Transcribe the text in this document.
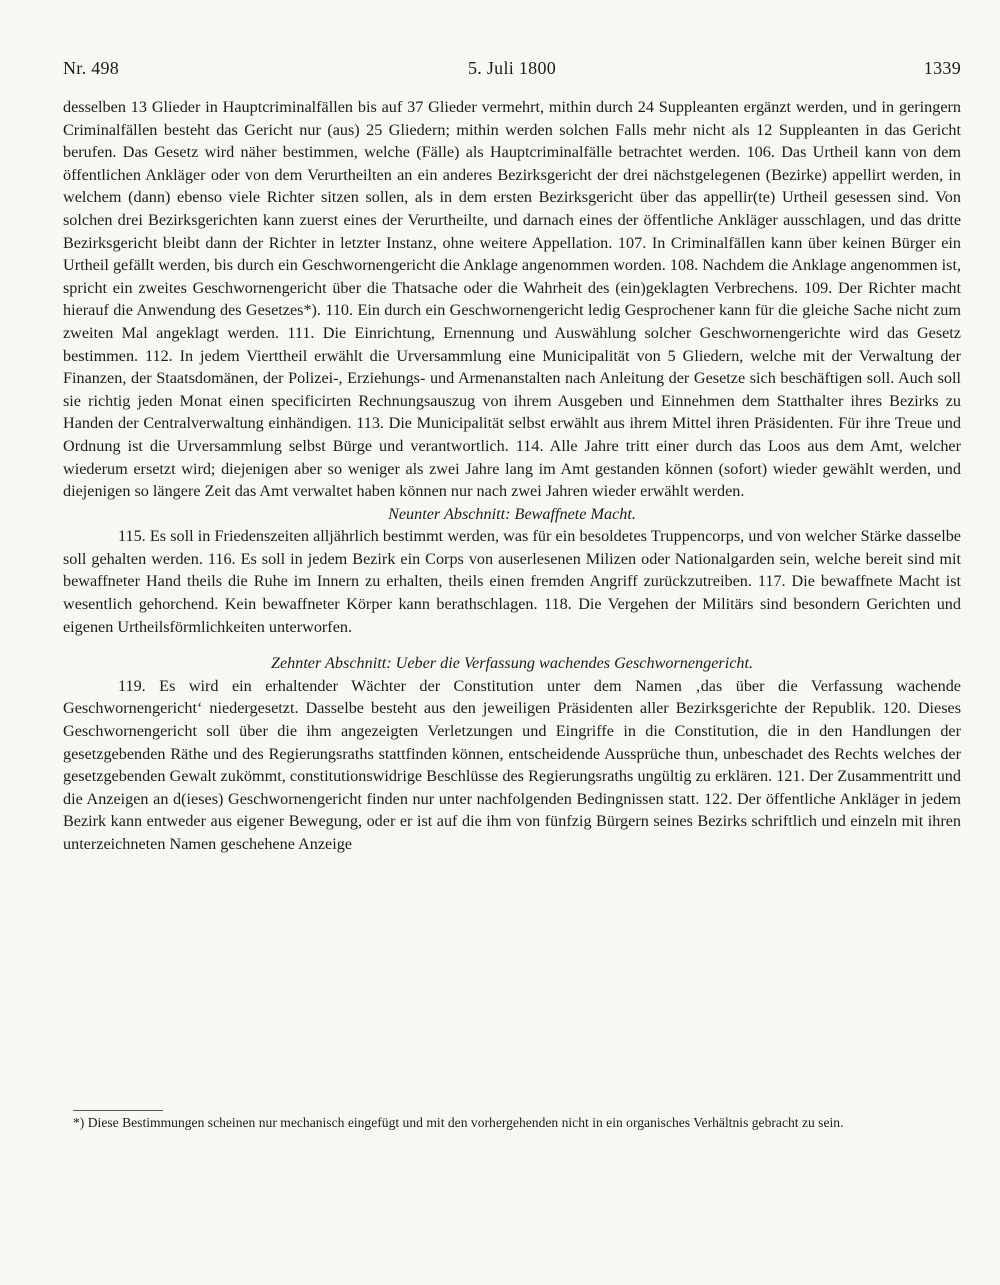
Nr. 498	5. Juli 1800	1339

desselben 13 Glieder in Hauptcriminalfällen bis auf 37 Glieder vermehrt, mithin durch 24 Suppleanten ergänzt werden, und in geringern Criminalfällen besteht das Gericht nur (aus) 25 Gliedern; mithin werden solchen Falls mehr nicht als 12 Suppleanten in das Gericht berufen. Das Gesetz wird näher bestimmen, welche (Fälle) als Hauptcriminalfälle betrachtet werden. 106. Das Urtheil kann von dem öffentlichen Ankläger oder von dem Verurtheilten an ein anderes Bezirksgericht der drei nächstgelegenen (Bezirke) appellirt werden, in welchem (dann) ebenso viele Richter sitzen sollen, als in dem ersten Bezirksgericht über das appellir(te) Urtheil gesessen sind. Von solchen drei Bezirksgerichten kann zuerst eines der Verurtheilte, und darnach eines der öffentliche Ankläger ausschlagen, und das dritte Bezirksgericht bleibt dann der Richter in letzter Instanz, ohne weitere Appellation. 107. In Criminalfällen kann über keinen Bürger ein Urtheil gefällt werden, bis durch ein Geschwornengericht die Anklage angenommen worden. 108. Nachdem die Anklage angenommen ist, spricht ein zweites Geschwornengericht über die Thatsache oder die Wahrheit des (ein)geklagten Verbrechens. 109. Der Richter macht hierauf die Anwendung des Gesetzes*). 110. Ein durch ein Geschwornengericht ledig Gesprochener kann für die gleiche Sache nicht zum zweiten Mal angeklagt werden. 111. Die Einrichtung, Ernennung und Auswählung solcher Geschwornengerichte wird das Gesetz bestimmen. 112. In jedem Vierttheil erwählt die Urversammlung eine Municipalität von 5 Gliedern, welche mit der Verwaltung der Finanzen, der Staatsdomänen, der Polizei-, Erziehungs- und Armenanstalten nach Anleitung der Gesetze sich beschäftigen soll. Auch soll sie richtig jeden Monat einen specificirten Rechnungsauszug von ihrem Ausgeben und Einnehmen dem Statthalter ihres Bezirks zu Handen der Centralverwaltung einhändigen. 113. Die Municipalität selbst erwählt aus ihrem Mittel ihren Präsidenten. Für ihre Treue und Ordnung ist die Urversammlung selbst Bürge und verantwortlich. 114. Alle Jahre tritt einer durch das Loos aus dem Amt, welcher wiederum ersetzt wird; diejenigen aber so weniger als zwei Jahre lang im Amt gestanden können (sofort) wieder gewählt werden, und diejenigen so längere Zeit das Amt verwaltet haben können nur nach zwei Jahren wieder erwählt werden.

Neunter Abschnitt: Bewaffnete Macht.

115. Es soll in Friedenszeiten alljährlich bestimmt werden, was für ein besoldetes Truppencorps, und von welcher Stärke dasselbe soll gehalten werden. 116. Es soll in jedem Bezirk ein Corps von auserlesenen Milizen oder Nationalgarden sein, welche bereit sind mit bewaffneter Hand theils die Ruhe im Innern zu erhalten, theils einen fremden Angriff zurückzutreiben. 117. Die bewaffnete Macht ist wesentlich gehorchend. Kein bewaffneter Körper kann berathschlagen. 118. Die Vergehen der Militärs sind besondern Gerichten und eigenen Urtheilsförmlichkeiten unterworfen.

Zehnter Abschnitt: Ueber die Verfassung wachendes Geschwornengericht.

119. Es wird ein erhaltender Wächter der Constitution unter dem Namen ‚das über die Verfassung wachende Geschwornengericht‘ niedergesetzt. Dasselbe besteht aus den jeweiligen Präsidenten aller Bezirksgerichte der Republik. 120. Dieses Geschwornengericht soll über die ihm angezeigten Verletzungen und Eingriffe in die Constitution, die in den Handlungen der gesetzgebenden Räthe und des Regierungsraths stattfinden können, entscheidende Aussprüche thun, unbeschadet des Rechts welches der gesetzgebenden Gewalt zukömmt, constitutionswidrige Beschlüsse des Regierungsraths ungültig zu erklären. 121. Der Zusammentritt und die Anzeigen an d(ieses) Geschwornengericht finden nur unter nachfolgenden Bedingnissen statt. 122. Der öffentliche Ankläger in jedem Bezirk kann entweder aus eigener Bewegung, oder er ist auf die ihm von fünfzig Bürgern seines Bezirks schriftlich und einzeln mit ihren unterzeichneten Namen geschehene Anzeige

*) Diese Bestimmungen scheinen nur mechanisch eingefügt und mit den vorhergehenden nicht in ein organisches Verhältnis gebracht zu sein.
